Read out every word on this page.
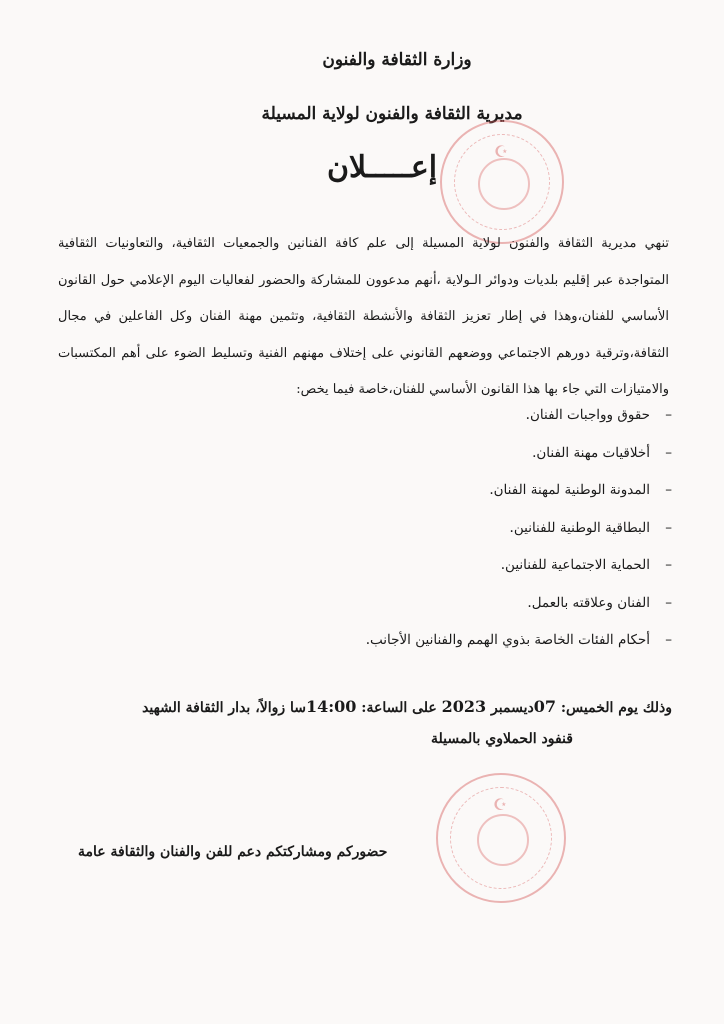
وزارة الثقافة والفنون
مديرية الثقافة والفنون لولاية المسيلة
إعـــــلان	☪
تنهي مديرية الثقافة والفنون لولاية المسيلة إلى علم كافة الفنانين والجمعيات الثقافية، والتعاونيات الثقافية المتواجدة عبر إقليم بلديات ودوائر الـولاية ،أنهم مدعوون للمشاركة والحضور لفعاليات اليوم الإعلامي حول القانون الأساسي للفنان،وهذا في إطار تعزيز الثقافة والأنشطة الثقافية، وتثمين مهنة الفنان وكل الفاعلين في مجال الثقافة،وترقية دورهم الاجتماعي ووضعهم القانوني على إختلاف مهنهم الفنية وتسليط الضوء على أهم المكتسبات والامتيازات التي جاء بها هذا القانون الأساسي للفنان،خاصة فيما يخص:
–حقوق وواجبات الفنان.
–أخلاقيات مهنة الفنان.
–المدونة الوطنية لمهنة الفنان.
–البطاقية الوطنية للفنانين.
–الحماية الاجتماعية للفنانين.
–الفنان وعلاقته بالعمل.
–أحكام الفئات الخاصة بذوي الهمم والفنانين الأجانب.
وذلك يوم الخميس: 07ديسمبر 2023 على الساعة: 14:00سا زوالاً، بدار الثقافة الشهيد
قنفود الحملاوي بالمسيلة
☪
حضوركم ومشاركتكم دعم للفن والفنان والثقافة عامة
